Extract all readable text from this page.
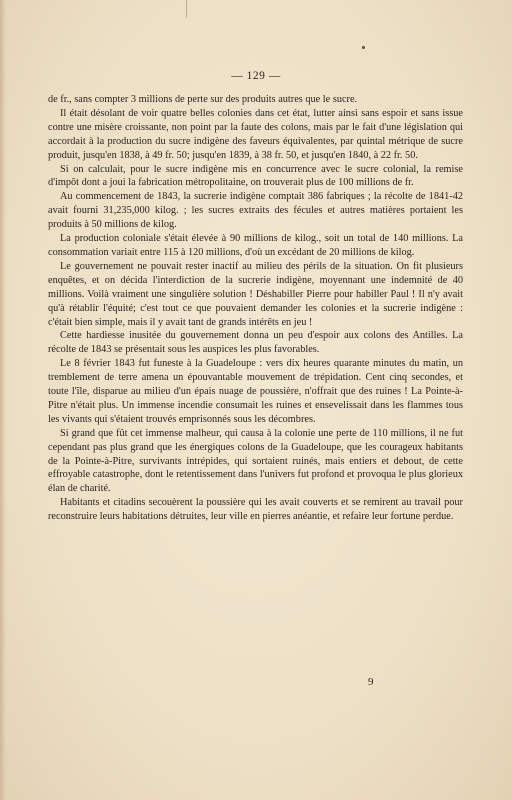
— 129 —

de fr., sans compter 3 millions de perte sur des produits autres que le sucre.

Il était désolant de voir quatre belles colonies dans cet état, lutter ainsi sans espoir et sans issue contre une misère croissante, non point par la faute des colons, mais par le fait d'une législation qui accordait à la production du sucre indigène des faveurs équivalentes, par quintal métrique de sucre produit, jusqu'en 1838, à 49 fr. 50; jusqu'en 1839, à 38 fr. 50, et jusqu'en 1840, à 22 fr. 50.

Si on calculait, pour le sucre indigène mis en concurrence avec le sucre colonial, la remise d'impôt dont a joui la fabrication métropolitaine, on trouverait plus de 100 millions de fr.

Au commencement de 1843, la sucrerie indigène comptait 386 fabriques ; la récolte de 1841-42 avait fourni 31,235,000 kilog. ; les sucres extraits des fécules et autres matières portaient les produits à 50 millions de kilog.

La production coloniale s'était élevée à 90 millions de kilog., soit un total de 140 millions. La consommation variait entre 115 à 120 millions, d'où un excédant de 20 millions de kilog.

Le gouvernement ne pouvait rester inactif au milieu des périls de la situation. On fit plusieurs enquêtes, et on décida l'interdiction de la sucrerie indigène, moyennant une indemnité de 40 millions. Voilà vraiment une singulière solution ! Déshabiller Pierre pour habiller Paul ! Il n'y avait qu'à rétablir l'équité; c'est tout ce que pouvaient demander les colonies et la sucrerie indigène : c'était bien simple, mais il y avait tant de grands intérêts en jeu !

Cette hardiesse inusitée du gouvernement donna un peu d'espoir aux colons des Antilles. La récolte de 1843 se présentait sous les auspices les plus favorables.

Le 8 février 1843 fut funeste à la Guadeloupe : vers dix heures quarante minutes du matin, un tremblement de terre amena un épouvantable mouvement de trépidation. Cent cinq secondes, et toute l'île, disparue au milieu d'un épais nuage de poussière, n'offrait que des ruines ! La Pointe-à-Pitre n'était plus. Un immense incendie consumait les ruines et ensevelissait dans les flammes tous les vivants qui s'étaient trouvés emprisonnés sous les décombres.

Si grand que fût cet immense malheur, qui causa à la colonie une perte de 110 millions, il ne fut cependant pas plus grand que les énergiques colons de la Guadeloupe, que les courageux habitants de la Pointe-à-Pitre, survivants intrépides, qui sortaient ruinés, mais entiers et debout, de cette effroyable catastrophe, dont le retentissement dans l'univers fut profond et provoqua le plus glorieux élan de charité.

Habitants et citadins secouèrent la poussière qui les avait couverts et se remirent au travail pour reconstruire leurs habitations détruites, leur ville en pierres anéantie, et refaire leur fortune perdue.

9
